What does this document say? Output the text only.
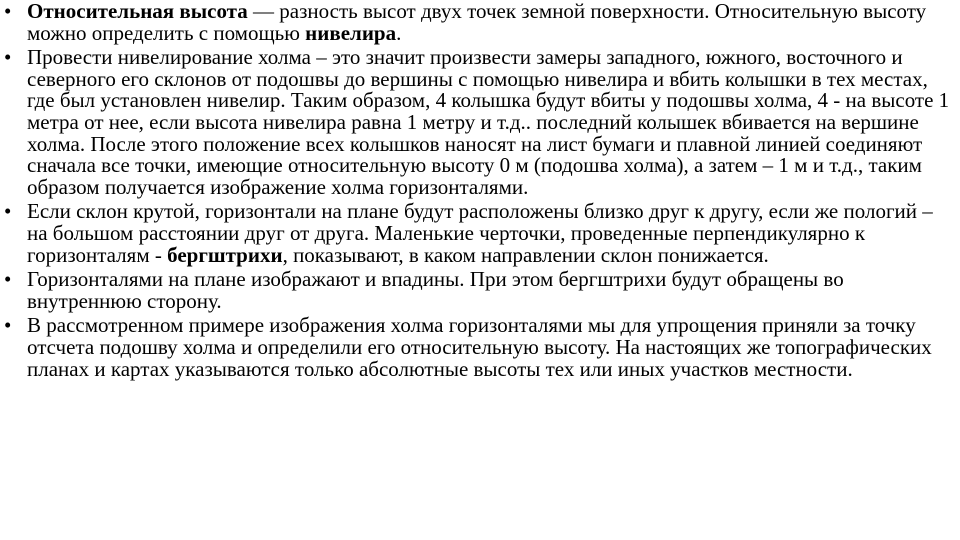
• Относительная высота — разность высот двух точек земной поверхности. Относительную высоту можно определить с помощью нивелира.
• Провести нивелирование холма – это значит произвести замеры западного, южного, восточного и северного его склонов от подошвы до вершины с помощью нивелира и вбить колышки в тех местах, где был установлен нивелир. Таким образом, 4 колышка будут вбиты у подошвы холма, 4 - на высоте 1 метра от нее, если высота нивелира равна 1 метру и т.д.. последний колышек вбивается на вершине холма. После этого положение всех колышков наносят на лист бумаги и плавной линией соединяют сначала все точки, имеющие относительную высоту 0 м (подошва холма), а затем – 1 м и т.д., таким образом получается изображение холма горизонталями.
• Если склон крутой, горизонтали на плане будут расположены близко друг к другу, если же пологий – на большом расстоянии друг от друга. Маленькие черточки, проведенные перпендикулярно к горизонталям - бергштрихи, показывают, в каком направлении склон понижается.
• Горизонталями на плане изображают и впадины. При этом бергштрихи будут обращены во внутреннюю сторону.
• В рассмотренном примере изображения холма горизонталями мы для упрощения приняли за точку отсчета подошву холма и определили его относительную высоту. На настоящих же топографических планах и картах указываются только абсолютные высоты тех или иных участков местности.
